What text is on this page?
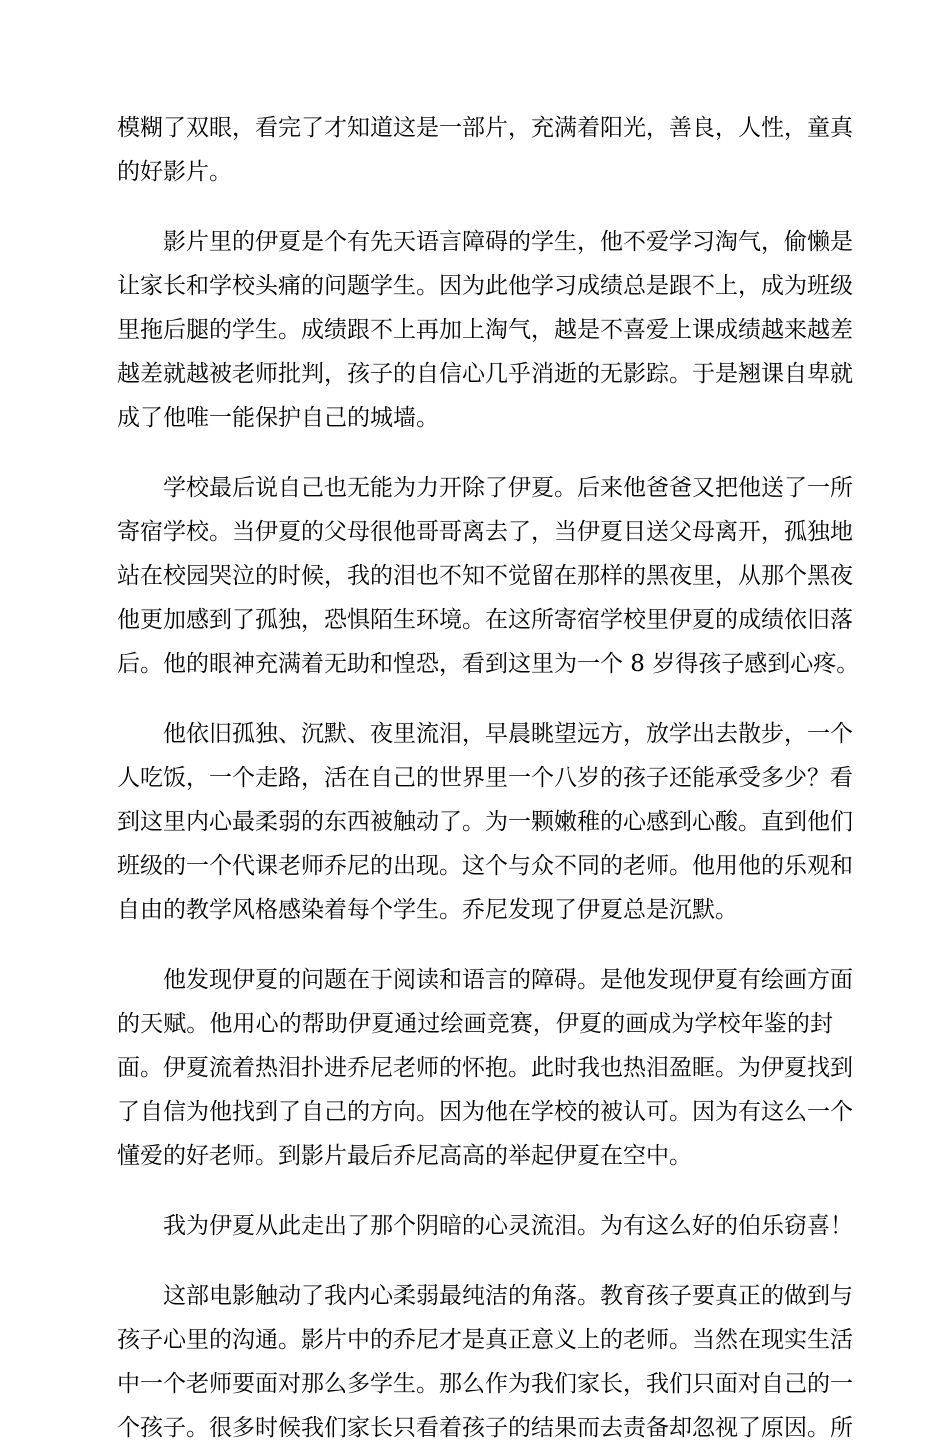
模糊了双眼，看完了才知道这是一部片，充满着阳光，善良，人性，童真
的好影片。
影片里的伊夏是个有先天语言障碍的学生，他不爱学习淘气，偷懒是
让家长和学校头痛的问题学生。因为此他学习成绩总是跟不上，成为班级
里拖后腿的学生。成绩跟不上再加上淘气，越是不喜爱上课成绩越来越差
越差就越被老师批判，孩子的自信心几乎消逝的无影踪。于是翘课自卑就
成了他唯一能保护自己的城墙。
学校最后说自己也无能为力开除了伊夏。后来他爸爸又把他送了一所
寄宿学校。当伊夏的父母很他哥哥离去了，当伊夏目送父母离开，孤独地
站在校园哭泣的时候，我的泪也不知不觉留在那样的黑夜里，从那个黑夜
他更加感到了孤独，恐惧陌生环境。在这所寄宿学校里伊夏的成绩依旧落
后。他的眼神充满着无助和惶恐，看到这里为一个 8 岁得孩子感到心疼。
他依旧孤独、沉默、夜里流泪，早晨眺望远方，放学出去散步，一个
人吃饭，一个走路，活在自己的世界里一个八岁的孩子还能承受多少？看
到这里内心最柔弱的东西被触动了。为一颗嫩稚的心感到心酸。直到他们
班级的一个代课老师乔尼的出现。这个与众不同的老师。他用他的乐观和
自由的教学风格感染着每个学生。乔尼发现了伊夏总是沉默。
他发现伊夏的问题在于阅读和语言的障碍。是他发现伊夏有绘画方面
的天赋。他用心的帮助伊夏通过绘画竞赛，伊夏的画成为学校年鉴的封
面。伊夏流着热泪扑进乔尼老师的怀抱。此时我也热泪盈眶。为伊夏找到
了自信为他找到了自己的方向。因为他在学校的被认可。因为有这么一个
懂爱的好老师。到影片最后乔尼高高的举起伊夏在空中。
我为伊夏从此走出了那个阴暗的心灵流泪。为有这么好的伯乐窃喜！
这部电影触动了我内心柔弱最纯洁的角落。教育孩子要真正的做到与
孩子心里的沟通。影片中的乔尼才是真正意义上的老师。当然在现实生活
中一个老师要面对那么多学生。那么作为我们家长，我们只面对自己的一
个孩子。很多时候我们家长只看着孩子的结果而去责备却忽视了原因。所
